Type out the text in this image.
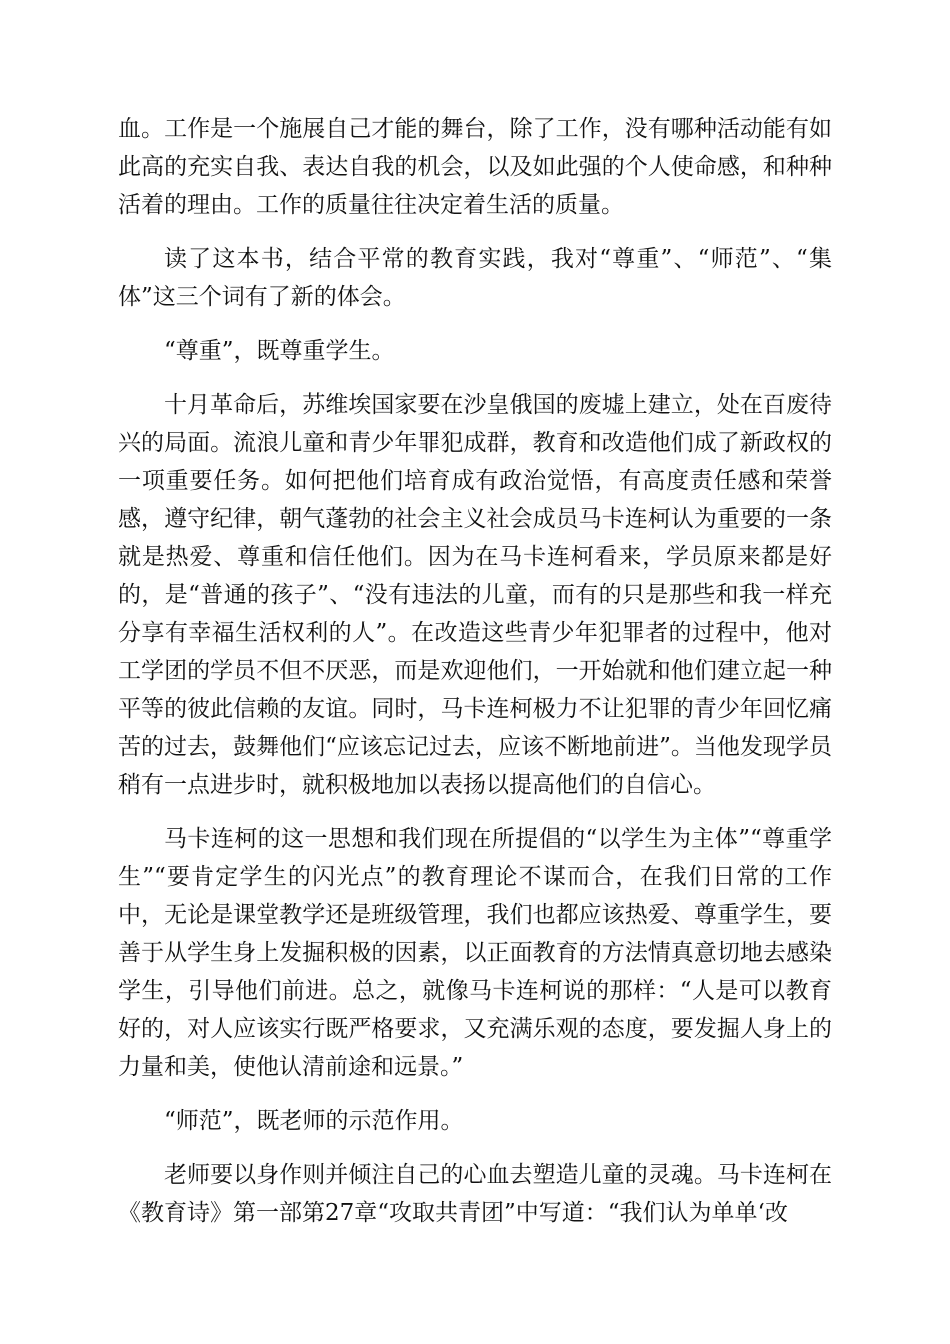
血。工作是一个施展自己才能的舞台，除了工作，没有哪种活动能有如此高的充实自我、表达自我的机会，以及如此强的个人使命感，和种种活着的理由。工作的质量往往决定着生活的质量。

读了这本书，结合平常的教育实践，我对“尊重”、“师范”、“集体”这三个词有了新的体会。

“尊重”，既尊重学生。

十月革命后，苏维埃国家要在沙皇俄国的废墟上建立，处在百废待兴的局面。流浪儿童和青少年罪犯成群，教育和改造他们成了新政权的一项重要任务。如何把他们培育成有政治觉悟，有高度责任感和荣誉感，遵守纪律，朝气蓬勃的社会主义社会成员马卡连柯认为重要的一条就是热爱、尊重和信任他们。因为在马卡连柯看来，学员原来都是好的，是“普通的孩子”、“没有违法的儿童，而有的只是那些和我一样充分享有幸福生活权利的人”。在改造这些青少年犯罪者的过程中，他对工学团的学员不但不厌恶，而是欢迎他们，一开始就和他们建立起一种平等的彼此信赖的友谊。同时，马卡连柯极力不让犯罪的青少年回忆痛苦的过去，鼓舞他们“应该忘记过去，应该不断地前进”。当他发现学员稍有一点进步时，就积极地加以表扬以提高他们的自信心。

马卡连柯的这一思想和我们现在所提倡的“以学生为主体”“尊重学生”“要肯定学生的闪光点”的教育理论不谋而合，在我们日常的工作中，无论是课堂教学还是班级管理，我们也都应该热爱、尊重学生，要善于从学生身上发掘积极的因素，以正面教育的方法情真意切地去感染学生，引导他们前进。总之，就像马卡连柯说的那样：“人是可以教育好的，对人应该实行既严格要求，又充满乐观的态度，要发掘人身上的力量和美，使他认清前途和远景。”

“师范”，既老师的示范作用。

老师要以身作则并倾注自己的心血去塑造儿童的灵魂。马卡连柯在《教育诗》第一部第27章“攻取共青团”中写道：“我们认为单单‘改
